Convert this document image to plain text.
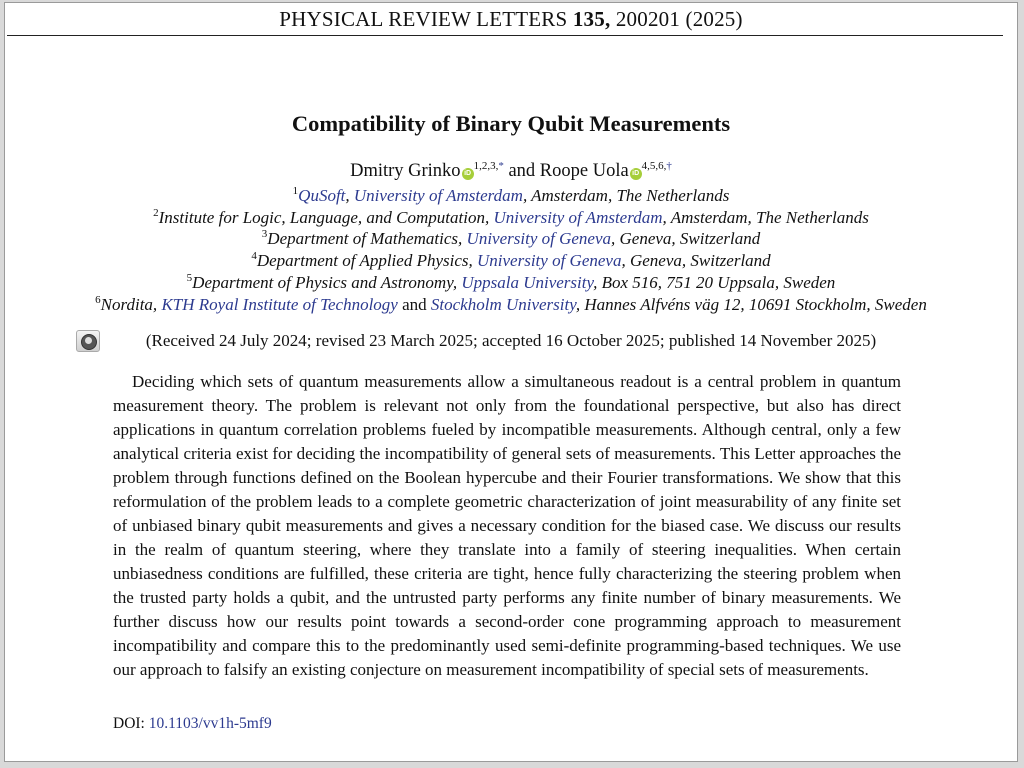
PHYSICAL REVIEW LETTERS 135, 200201 (2025)
Compatibility of Binary Qubit Measurements
Dmitry Grinko $iD^{1,2,3,*}$ and Roope Uola $iD^{4,5,6,\dagger}$
$^1$QuSoft, University of Amsterdam, Amsterdam, The Netherlands
$^2$Institute for Logic, Language, and Computation, University of Amsterdam, Amsterdam, The Netherlands
$^3$Department of Mathematics, University of Geneva, Geneva, Switzerland
$^4$Department of Applied Physics, University of Geneva, Geneva, Switzerland
$^5$Department of Physics and Astronomy, Uppsala University, Box 516, 751 20 Uppsala, Sweden
$^6$Nordita, KTH Royal Institute of Technology and Stockholm University, Hannes Alfvéns väg 12, 10691 Stockholm, Sweden
(Received 24 July 2024; revised 23 March 2025; accepted 16 October 2025; published 14 November 2025)

Deciding which sets of quantum measurements allow a simultaneous readout is a central problem in quantum measurement theory. The problem is relevant not only from the foundational perspective, but also has direct applications in quantum correlation problems fueled by incompatible measurements. Although central, only a few analytical criteria exist for deciding the incompatibility of general sets of measurements. This Letter approaches the problem through functions defined on the Boolean hypercube and their Fourier transformations. We show that this reformulation of the problem leads to a complete geometric characterization of joint measurability of any finite set of unbiased binary qubit measurements and gives a necessary condition for the biased case. We discuss our results in the realm of quantum steering, where they translate into a family of steering inequalities. When certain unbiasedness conditions are fulfilled, these criteria are tight, hence fully characterizing the steering problem when the trusted party holds a qubit, and the untrusted party performs any finite number of binary measurements. We further discuss how our results point towards a second-order cone programming approach to measurement incompatibility and compare this to the predominantly used semi-definite programming-based techniques. We use our approach to falsify an existing conjecture on measurement incompatibility of special sets of measurements.

DOI: 10.1103/vv1h-5mf9
